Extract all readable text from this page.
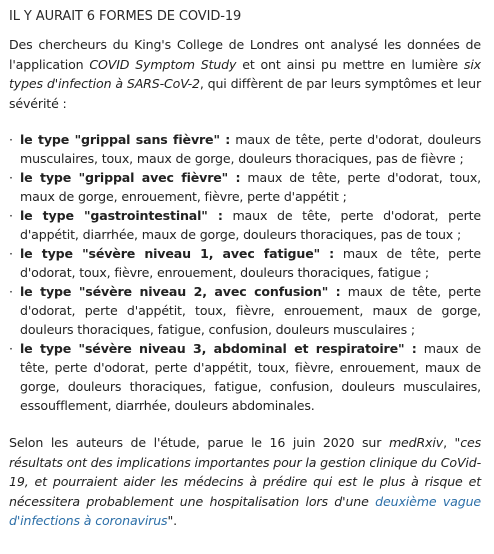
IL Y AURAIT 6 FORMES DE COVID-19

Des chercheurs du King's College de Londres ont analysé les données de l'application COVID Symptom Study et ont ainsi pu mettre en lumière six types d'infection à SARS-CoV-2, qui diffèrent de par leurs symptômes et leur sévérité :

· le type "grippal sans fièvre" : maux de tête, perte d'odorat, douleurs musculaires, toux, maux de gorge, douleurs thoraciques, pas de fièvre ;
· le type "grippal avec fièvre" : maux de tête, perte d'odorat, toux, maux de gorge, enrouement, fièvre, perte d'appétit ;
· le type "gastrointestinal" : maux de tête, perte d'odorat, perte d'appétit, diarrhée, maux de gorge, douleurs thoraciques, pas de toux ;
· le type "sévère niveau 1, avec fatigue" : maux de tête, perte d'odorat, toux, fièvre, enrouement, douleurs thoraciques, fatigue ;
· le type "sévère niveau 2, avec confusion" : maux de tête, perte d'odorat, perte d'appétit, toux, fièvre, enrouement, maux de gorge, douleurs thoraciques, fatigue, confusion, douleurs musculaires ;
· le type "sévère niveau 3, abdominal et respiratoire" : maux de tête, perte d'odorat, perte d'appétit, toux, fièvre, enrouement, maux de gorge, douleurs thoraciques, fatigue, confusion, douleurs musculaires, essoufflement, diarrhée, douleurs abdominales.

Selon les auteurs de l'étude, parue le 16 juin 2020 sur medRxiv, "ces résultats ont des implications importantes pour la gestion clinique du CoVid-19, et pourraient aider les médecins à prédire qui est le plus à risque et nécessitera probablement une hospitalisation lors d'une deuxième vague d'infections à coronavirus".
